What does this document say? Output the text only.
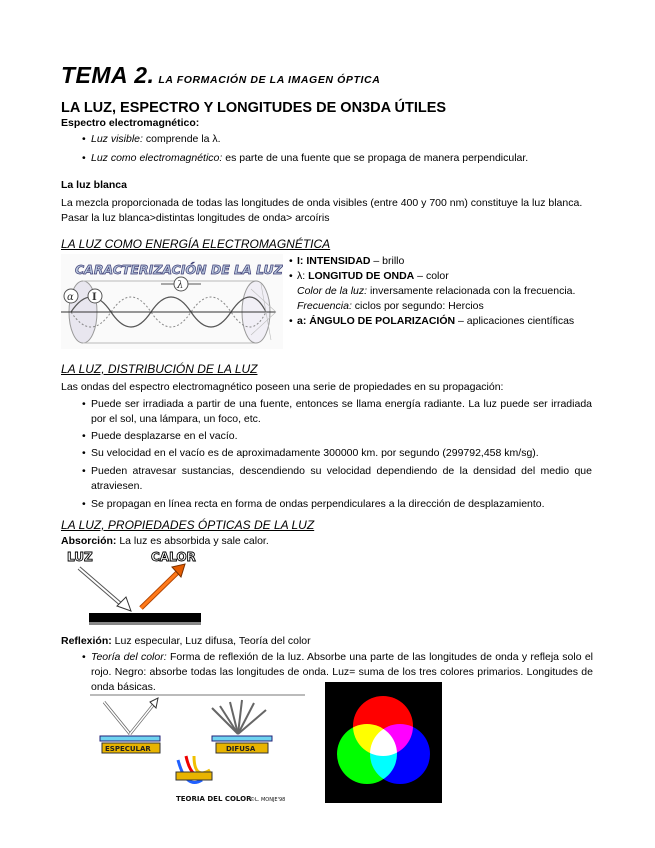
TEMA 2. LA FORMACIÓN DE LA IMAGEN ÓPTICA
LA LUZ, ESPECTRO Y LONGITUDES DE ON3DA ÚTILES
Espectro electromagnético:
• Luz visible: comprende la λ.
• Luz como electromagnético: es parte de una fuente que se propaga de manera perpendicular.
La luz blanca
La mezcla proporcionada de todas las longitudes de onda visibles (entre 400 y 700 nm) constituye la luz blanca.
Pasar la luz blanca>distintas longitudes de onda> arcoíris
LA LUZ COMO ENERGÍA ELECTROMAGNÉTICA
CARACTERIZACIÓN DE LA LUZ
λ
α I
• I: INTENSIDAD – brillo
• λ: LONGITUD DE ONDA – color
Color de la luz: inversamente relacionada con la frecuencia.
Frecuencia: ciclos por segundo: Hercios
• a: ÁNGULO DE POLARIZACIÓN – aplicaciones científicas
LA LUZ, DISTRIBUCIÓN DE LA LUZ
Las ondas del espectro electromagnético poseen una serie de propiedades en su propagación:
• Puede ser irradiada a partir de una fuente, entonces se llama energía radiante. La luz puede ser irradiada por el sol, una lámpara, un foco, etc.
• Puede desplazarse en el vacío.
• Su velocidad en el vacío es de aproximadamente 300000 km. por segundo (299792,458 km/sg).
• Pueden atravesar sustancias, descendiendo su velocidad dependiendo de la densidad del medio que atraviesen.
• Se propagan en línea recta en forma de ondas perpendiculares a la dirección de desplazamiento.
LA LUZ, PROPIEDADES ÓPTICAS DE LA LUZ
Absorción: La luz es absorbida y sale calor.
LUZ	CALOR
Reflexión: Luz especular, Luz difusa, Teoría del color
• Teoría del color: Forma de reflexión de la luz. Absorbe una parte de las longitudes de onda y refleja solo el rojo. Negro: absorbe todas las longitudes de onda. Luz= suma de los tres colores primarios. Longitudes de onda básicas.
ESPECULAR	DIFUSA
TEORIA DEL COLOR
©L. MONJE'98
